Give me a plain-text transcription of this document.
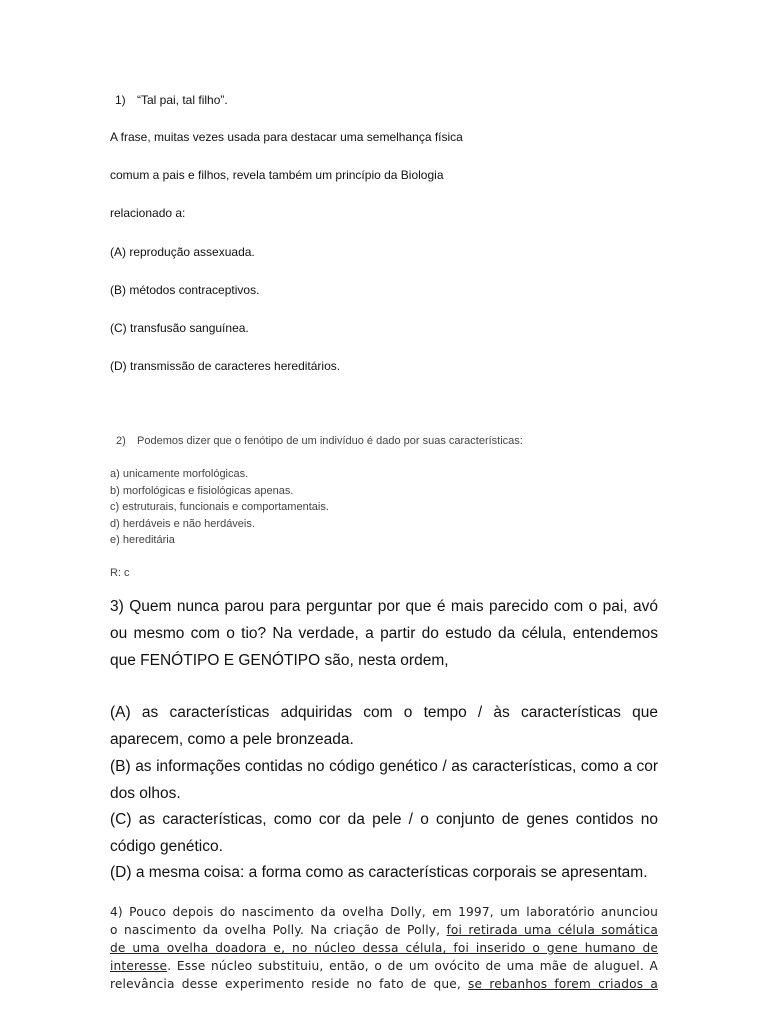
1) “Tal pai, tal filho”.
A frase, muitas vezes usada para destacar uma semelhança física
comum a pais e filhos, revela também um princípio da Biologia
relacionado a:
(A) reprodução assexuada.
(B) métodos contraceptivos.
(C) transfusão sanguínea.
(D) transmissão de caracteres hereditários.
2) Podemos dizer que o fenótipo de um indivíduo é dado por suas características:
a) unicamente morfológicas.
b) morfológicas e fisiológicas apenas.
c) estruturais, funcionais e comportamentais.
d) herdáveis e não herdáveis.
e) hereditária
R: c
3) Quem nunca parou para perguntar por que é mais parecido com o pai, avó
ou mesmo com o tio? Na verdade, a partir do estudo da célula, entendemos
que FENÓTIPO E GENÓTIPO são, nesta ordem,
(A) as características adquiridas com o tempo / às características que
aparecem, como a pele bronzeada.
(B) as informações contidas no código genético / as características, como a cor
dos olhos.
(C) as características, como cor da pele / o conjunto de genes contidos no
código genético.
(D) a mesma coisa: a forma como as características corporais se apresentam.
4) Pouco depois do nascimento da ovelha Dolly, em 1997, um laboratório anunciou
o nascimento da ovelha Polly. Na criação de Polly, foi retirada uma célula somática
de uma ovelha doadora e, no núcleo dessa célula, foi inserido o gene humano de
interesse. Esse núcleo substituiu, então, o de um ovócito de uma mãe de aluguel. A
relevância desse experimento reside no fato de que, se rebanhos forem criados a
